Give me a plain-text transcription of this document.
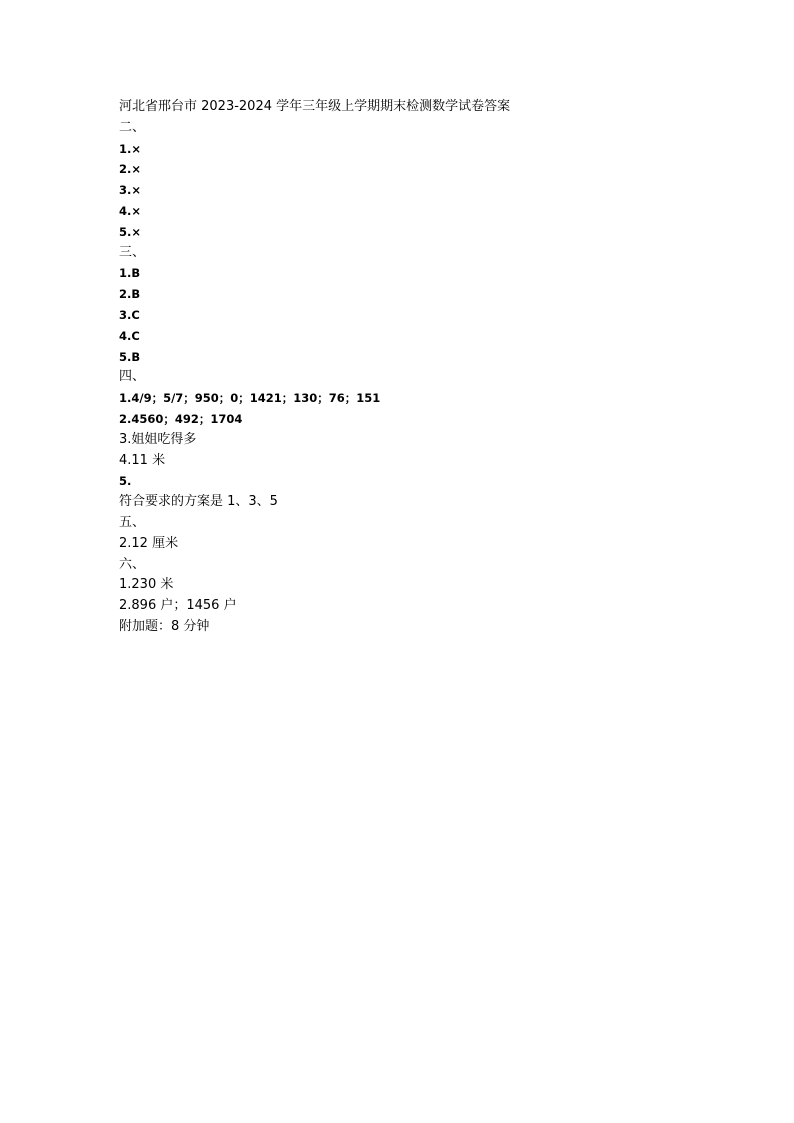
河北省邢台市 2023-2024 学年三年级上学期期末检测数学试卷答案
二、
1.×
2.×
3.×
4.×
5.×
三、
1.B
2.B
3.C
4.C
5.B
四、
1.4/9；5/7；950；0；1421；130；76；151
2.4560；492；1704
3.姐姐吃得多
4.11 米
5.
符合要求的方案是 1、3、5
五、
2.12 厘米
六、
1.230 米
2.896 户；1456 户
附加题：8 分钟
